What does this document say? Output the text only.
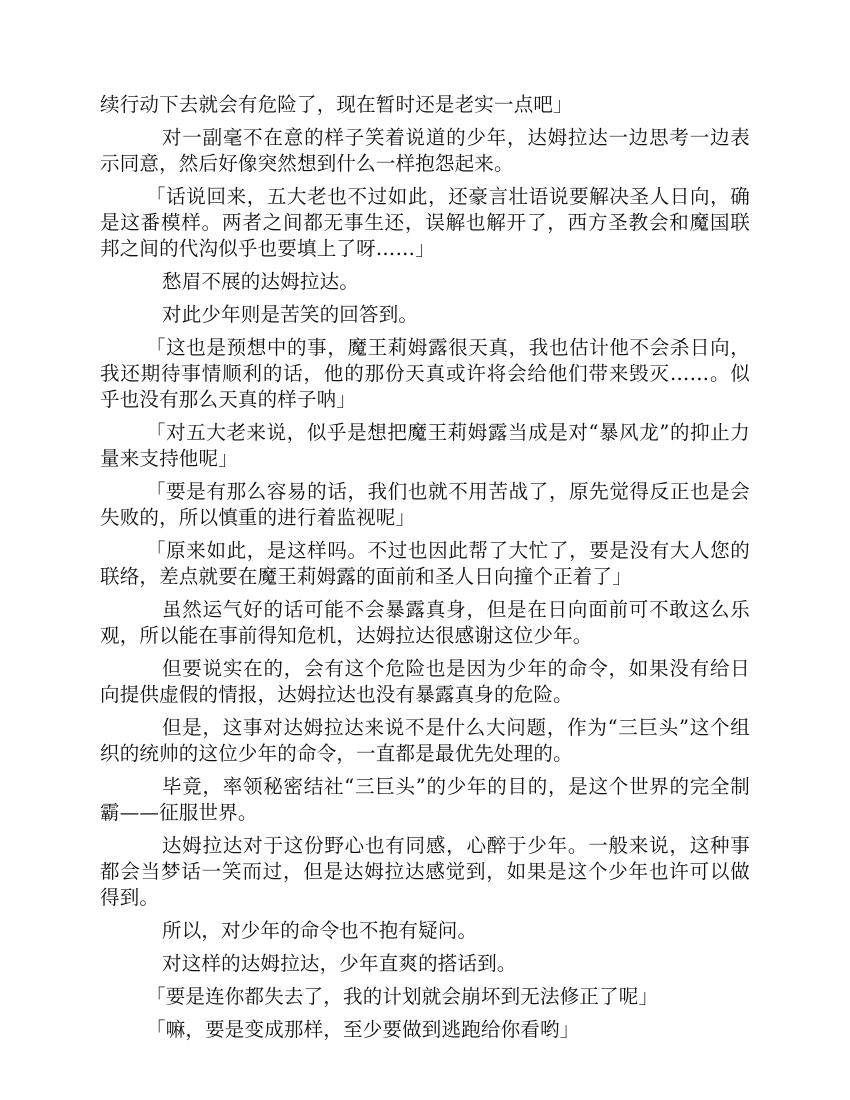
续行动下去就会有危险了，现在暂时还是老实一点吧」

对一副毫不在意的样子笑着说道的少年，达姆拉达一边思考一边表示同意，然后好像突然想到什么一样抱怨起来。

「话说回来，五大老也不过如此，还豪言壮语说要解决圣人日向，确是这番模样。两者之间都无事生还，误解也解开了，西方圣教会和魔国联邦之间的代沟似乎也要填上了呀……」

愁眉不展的达姆拉达。

对此少年则是苦笑的回答到。

「这也是预想中的事，魔王莉姆露很天真，我也估计他不会杀日向，我还期待事情顺利的话，他的那份天真或许将会给他们带来毁灭……。似乎也没有那么天真的样子呐」

「对五大老来说，似乎是想把魔王莉姆露当成是对“暴风龙”的抑止力量来支持他呢」

「要是有那么容易的话，我们也就不用苦战了，原先觉得反正也是会失败的，所以慎重的进行着监视呢」

「原来如此，是这样吗。不过也因此帮了大忙了，要是没有大人您的联络，差点就要在魔王莉姆露的面前和圣人日向撞个正着了」

虽然运气好的话可能不会暴露真身，但是在日向面前可不敢这么乐观，所以能在事前得知危机，达姆拉达很感谢这位少年。

但要说实在的，会有这个危险也是因为少年的命令，如果没有给日向提供虚假的情报，达姆拉达也没有暴露真身的危险。

但是，这事对达姆拉达来说不是什么大问题，作为“三巨头”这个组织的统帅的这位少年的命令，一直都是最优先处理的。

毕竟，率领秘密结社“三巨头”的少年的目的，是这个世界的完全制霸——征服世界。

达姆拉达对于这份野心也有同感，心醉于少年。一般来说，这种事都会当梦话一笑而过，但是达姆拉达感觉到，如果是这个少年也许可以做得到。

所以，对少年的命令也不抱有疑问。

对这样的达姆拉达，少年直爽的搭话到。

「要是连你都失去了，我的计划就会崩坏到无法修正了呢」

「嘛，要是变成那样，至少要做到逃跑给你看哟」
